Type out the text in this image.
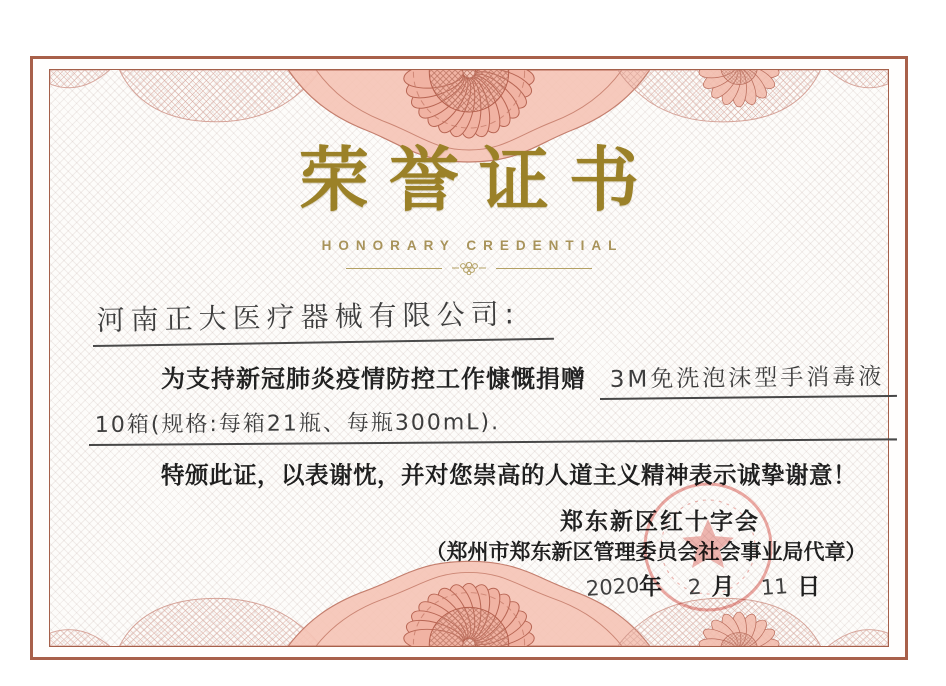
荣誉证书
HONORARY CREDENTIAL
河南正大医疗器械有限公司:
为支持新冠肺炎疫情防控工作慷慨捐赠	3M免洗泡沫型手消毒液
10箱(规格:每箱21瓶、每瓶300mL).
特颁此证，以表谢忱，并对您崇高的人道主义精神表示诚挚谢意！
郑东新区红十字会
（郑州市郑东新区管理委员会社会事业局代章）
2020 年 2 月 11 日
